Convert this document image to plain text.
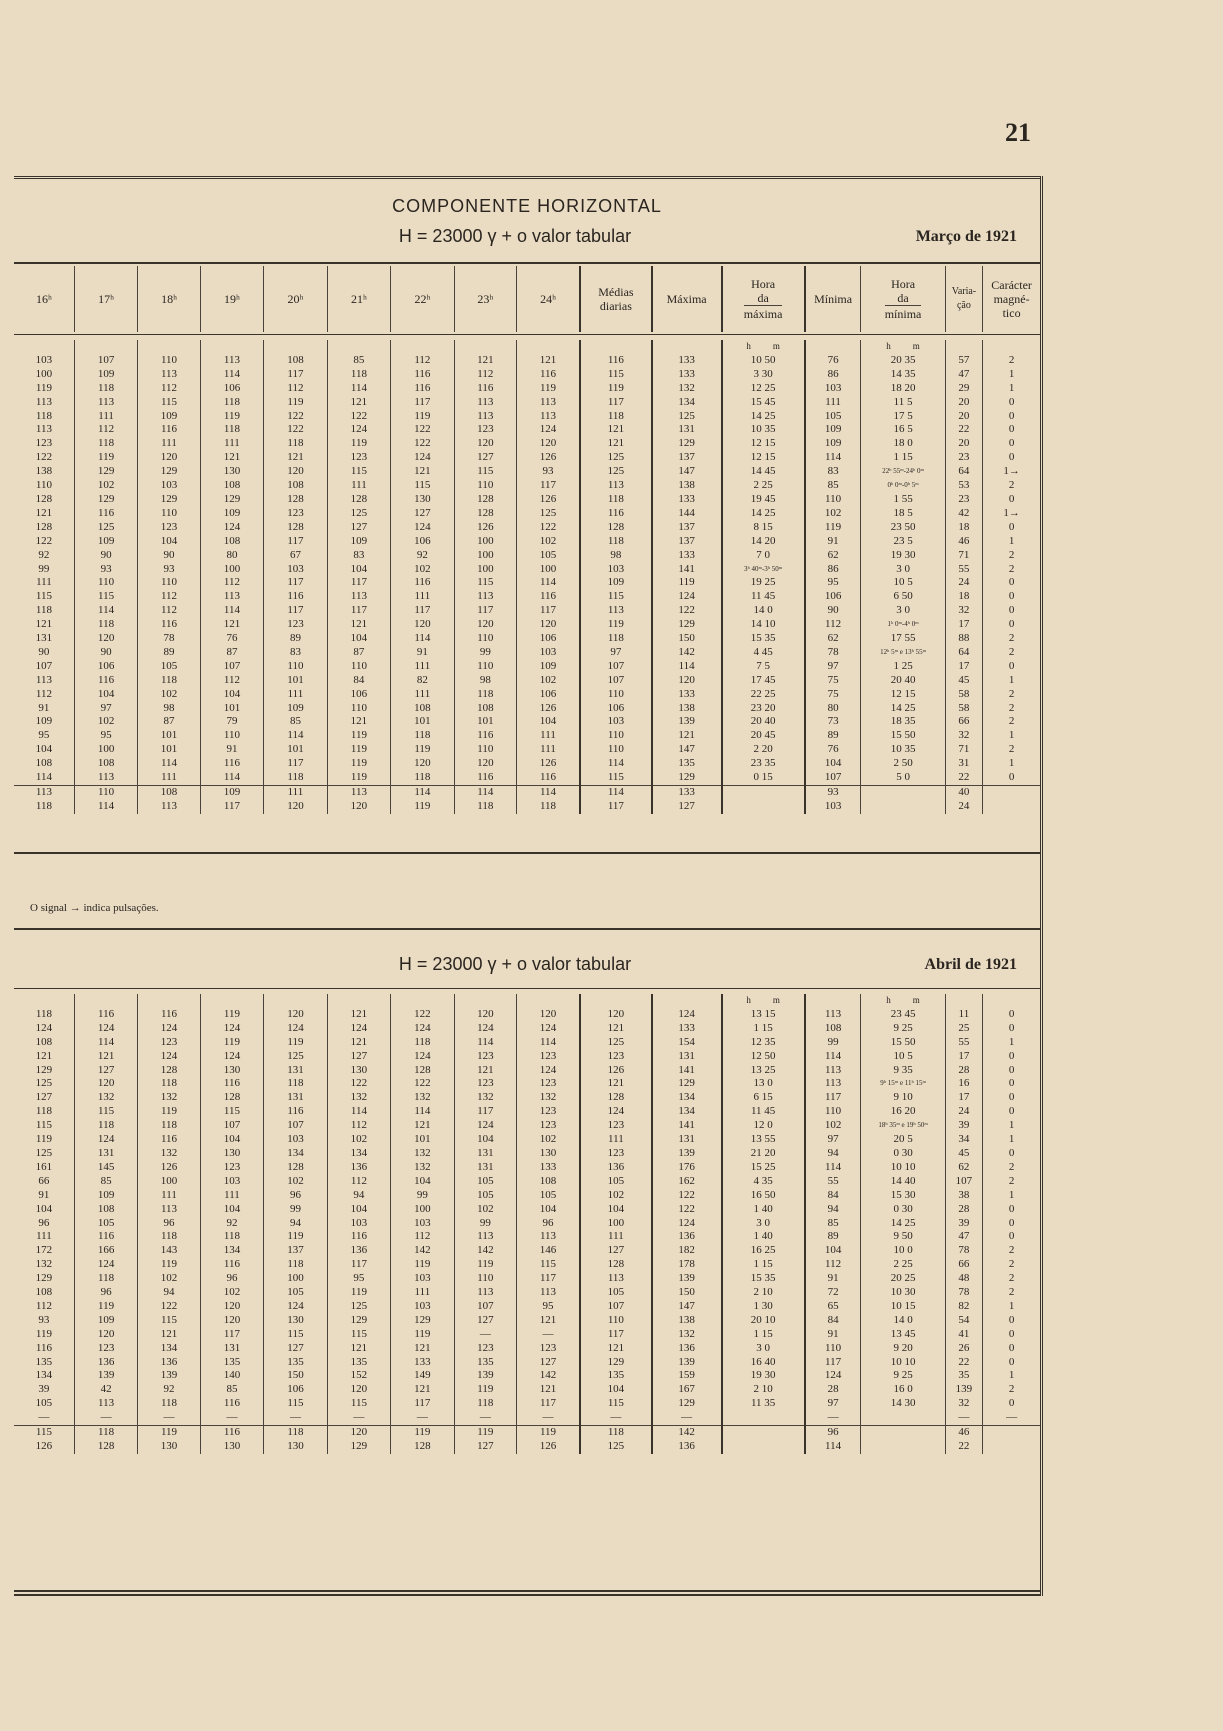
21
COMPONENTE HORIZONTAL
H = 23000 γ + o valor tabular	Março de 1921
16ʰ	17ʰ	18ʰ	19ʰ	20ʰ	21ʰ	22ʰ	23ʰ	24ʰ	Médias
diarias	Máxima	Hora
da
máxima	Mínima	Hora
da
mínima	Varia-
ção	Carácter
magné-
tico
											h m		h m		
103	107	110	113	108	85	112	121	121	116	133	10 50	76	20 35	57	2
100	109	113	114	117	118	116	112	116	115	133	3 30	86	14 35	47	1
119	118	112	106	112	114	116	116	119	119	132	12 25	103	18 20	29	1
113	113	115	118	119	121	117	113	113	117	134	15 45	111	11 5	20	0
118	111	109	119	122	122	119	113	113	118	125	14 25	105	17 5	20	0
113	112	116	118	122	124	122	123	124	121	131	10 35	109	16 5	22	0
123	118	111	111	118	119	122	120	120	121	129	12 15	109	18 0	20	0
122	119	120	121	121	123	124	127	126	125	137	12 15	114	1 15	23	0
138	129	129	130	120	115	121	115	93	125	147	14 45	83	22ʰ 55ᵐ-24ʰ 0ᵐ	64	1→
110	102	103	108	108	111	115	110	117	113	138	2 25	85	0ʰ 0ᵐ-0ʰ 5ᵐ	53	2
128	129	129	129	128	128	130	128	126	118	133	19 45	110	1 55	23	0
121	116	110	109	123	125	127	128	125	116	144	14 25	102	18 5	42	1→
128	125	123	124	128	127	124	126	122	128	137	8 15	119	23 50	18	0
122	109	104	108	117	109	106	100	102	118	137	14 20	91	23 5	46	1
92	90	90	80	67	83	92	100	105	98	133	7 0	62	19 30	71	2
99	93	93	100	103	104	102	100	100	103	141	3ʰ 40ᵐ-3ʰ 50ᵐ	86	3 0	55	2
111	110	110	112	117	117	116	115	114	109	119	19 25	95	10 5	24	0
115	115	112	113	116	113	111	113	116	115	124	11 45	106	6 50	18	0
118	114	112	114	117	117	117	117	117	113	122	14 0	90	3 0	32	0
121	118	116	121	123	121	120	120	120	119	129	14 10	112	1ʰ 0ᵐ-4ʰ 0ᵐ	17	0
131	120	78	76	89	104	114	110	106	118	150	15 35	62	17 55	88	2
90	90	89	87	83	87	91	99	103	97	142	4 45	78	12ʰ 5ᵐ e 13ʰ 55ᵐ	64	2
107	106	105	107	110	110	111	110	109	107	114	7 5	97	1 25	17	0
113	116	118	112	101	84	82	98	102	107	120	17 45	75	20 40	45	1
112	104	102	104	111	106	111	118	106	110	133	22 25	75	12 15	58	2
91	97	98	101	109	110	108	108	126	106	138	23 20	80	14 25	58	2
109	102	87	79	85	121	101	101	104	103	139	20 40	73	18 35	66	2
95	95	101	110	114	119	118	116	111	110	121	20 45	89	15 50	32	1
104	100	101	91	101	119	119	110	111	110	147	2 20	76	10 35	71	2
108	108	114	116	117	119	120	120	126	114	135	23 35	104	2 50	31	1
114	113	111	114	118	119	118	116	116	115	129	0 15	107	5 0	22	0
113	110	108	109	111	113	114	114	114	114	133		93		40	
118	114	113	117	120	120	119	118	118	117	127		103		24	
O signal → indica pulsações.
H = 23000 γ + o valor tabular	Abril de 1921
											h m		h m		
118	116	116	119	120	121	122	120	120	120	124	13 15	113	23 45	11	0
124	124	124	124	124	124	124	124	124	121	133	1 15	108	9 25	25	0
108	114	123	119	119	121	118	114	114	125	154	12 35	99	15 50	55	1
121	121	124	124	125	127	124	123	123	123	131	12 50	114	10 5	17	0
129	127	128	130	131	130	128	121	124	126	141	13 25	113	9 35	28	0
125	120	118	116	118	122	122	123	123	121	129	13 0	113	9ʰ 15ᵐ e 11ʰ 15ᵐ	16	0
127	132	132	128	131	132	132	132	132	128	134	6 15	117	9 10	17	0
118	115	119	115	116	114	114	117	123	124	134	11 45	110	16 20	24	0
115	118	118	107	107	112	121	124	123	123	141	12 0	102	18ʰ 35ᵐ e 19ʰ 50ᵐ	39	1
119	124	116	104	103	102	101	104	102	111	131	13 55	97	20 5	34	1
125	131	132	130	134	134	132	131	130	123	139	21 20	94	0 30	45	0
161	145	126	123	128	136	132	131	133	136	176	15 25	114	10 10	62	2
66	85	100	103	102	112	104	105	108	105	162	4 35	55	14 40	107	2
91	109	111	111	96	94	99	105	105	102	122	16 50	84	15 30	38	1
104	108	113	104	99	104	100	102	104	104	122	1 40	94	0 30	28	0
96	105	96	92	94	103	103	99	96	100	124	3 0	85	14 25	39	0
111	116	118	118	119	116	112	113	113	111	136	1 40	89	9 50	47	0
172	166	143	134	137	136	142	142	146	127	182	16 25	104	10 0	78	2
132	124	119	116	118	117	119	119	115	128	178	1 15	112	2 25	66	2
129	118	102	96	100	95	103	110	117	113	139	15 35	91	20 25	48	2
108	96	94	102	105	119	111	113	113	105	150	2 10	72	10 30	78	2
112	119	122	120	124	125	103	107	95	107	147	1 30	65	10 15	82	1
93	109	115	120	130	129	129	127	121	110	138	20 10	84	14 0	54	0
119	120	121	117	115	115	119	—	—	117	132	1 15	91	13 45	41	0
116	123	134	131	127	121	121	123	123	121	136	3 0	110	9 20	26	0
135	136	136	135	135	135	133	135	127	129	139	16 40	117	10 10	22	0
134	139	139	140	150	152	149	139	142	135	159	19 30	124	9 25	35	1
39	42	92	85	106	120	121	119	121	104	167	2 10	28	16 0	139	2
105	113	118	116	115	115	117	118	117	115	129	11 35	97	14 30	32	0
—	—	—	—	—	—	—	—	—	—	—		—		—	—
115	118	119	116	118	120	119	119	119	118	142		96		46	
126	128	130	130	130	129	128	127	126	125	136		114		22	
